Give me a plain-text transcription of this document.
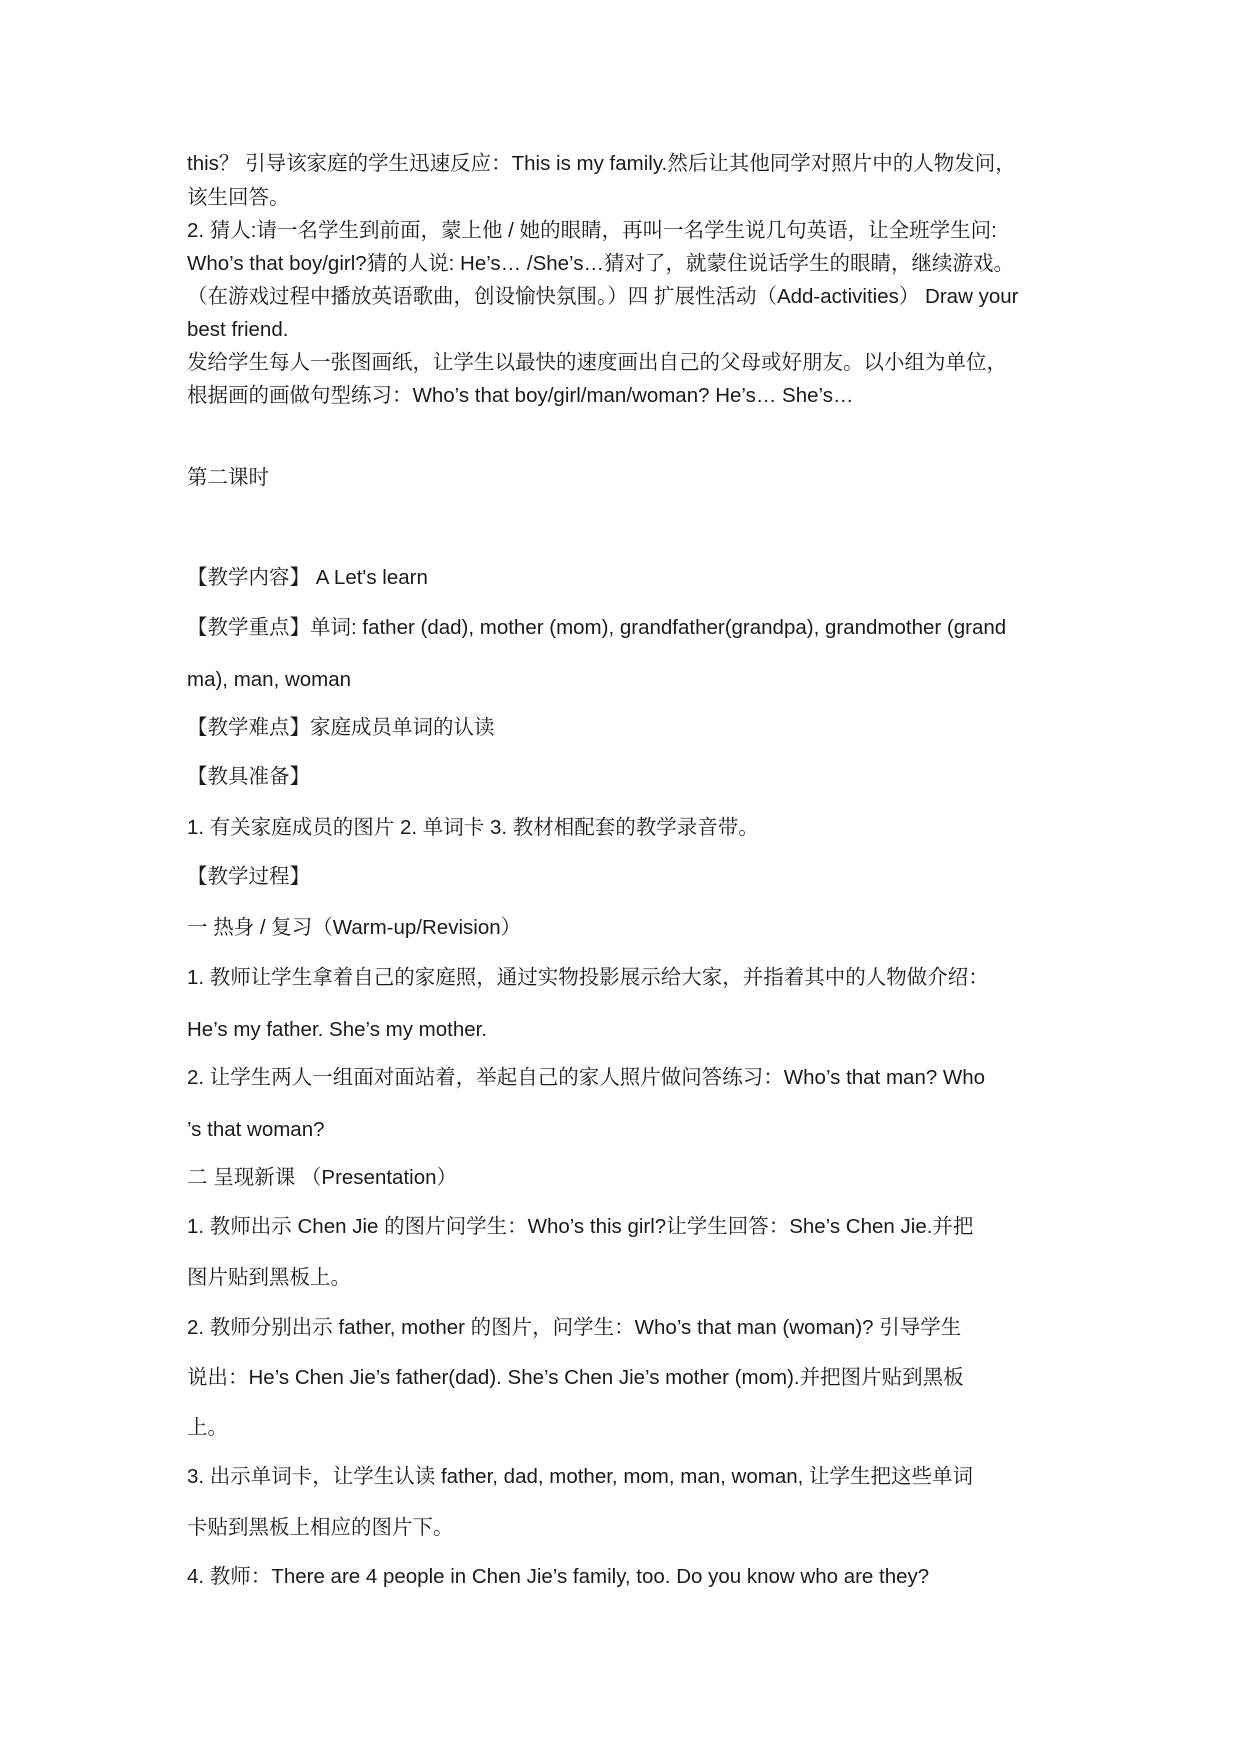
this？ 引导该家庭的学生迅速反应：This is my family.然后让其他同学对照片中的人物发问，
该生回答。
2. 猜人:请一名学生到前面，蒙上他 / 她的眼睛，再叫一名学生说几句英语，让全班学生问:
Who’s that boy/girl?猜的人说: He’s… /She’s…猜对了，就蒙住说话学生的眼睛，继续游戏。
（在游戏过程中播放英语歌曲，创设愉快氛围。）四 扩展性活动（Add-activities） Draw your
best friend.
发给学生每人一张图画纸，让学生以最快的速度画出自己的父母或好朋友。以小组为单位，
根据画的画做句型练习：Who’s that boy/girl/man/woman? He’s… She’s…
第二课时
【教学内容】 A Let's learn
【教学重点】单词: father (dad), mother (mom), grandfather(grandpa), grandmother (grand
ma), man, woman
【教学难点】家庭成员单词的认读
【教具准备】
1. 有关家庭成员的图片 2. 单词卡 3. 教材相配套的教学录音带。
【教学过程】
一 热身 / 复习（Warm-up/Revision）
1. 教师让学生拿着自己的家庭照，通过实物投影展示给大家，并指着其中的人物做介绍：
He’s my father. She’s my mother.
2. 让学生两人一组面对面站着，举起自己的家人照片做问答练习：Who’s that man? Who
’s that woman?
二 呈现新课 （Presentation）
1. 教师出示 Chen Jie 的图片问学生：Who’s this girl?让学生回答：She’s Chen Jie.并把
图片贴到黑板上。
2. 教师分别出示 father, mother 的图片，问学生：Who’s that man (woman)? 引导学生
说出：He’s Chen Jie’s father(dad). She’s Chen Jie’s mother (mom).并把图片贴到黑板
上。
3. 出示单词卡，让学生认读 father, dad, mother, mom, man, woman, 让学生把这些单词
卡贴到黑板上相应的图片下。
4. 教师：There are 4 people in Chen Jie’s family, too. Do you know who are they?
